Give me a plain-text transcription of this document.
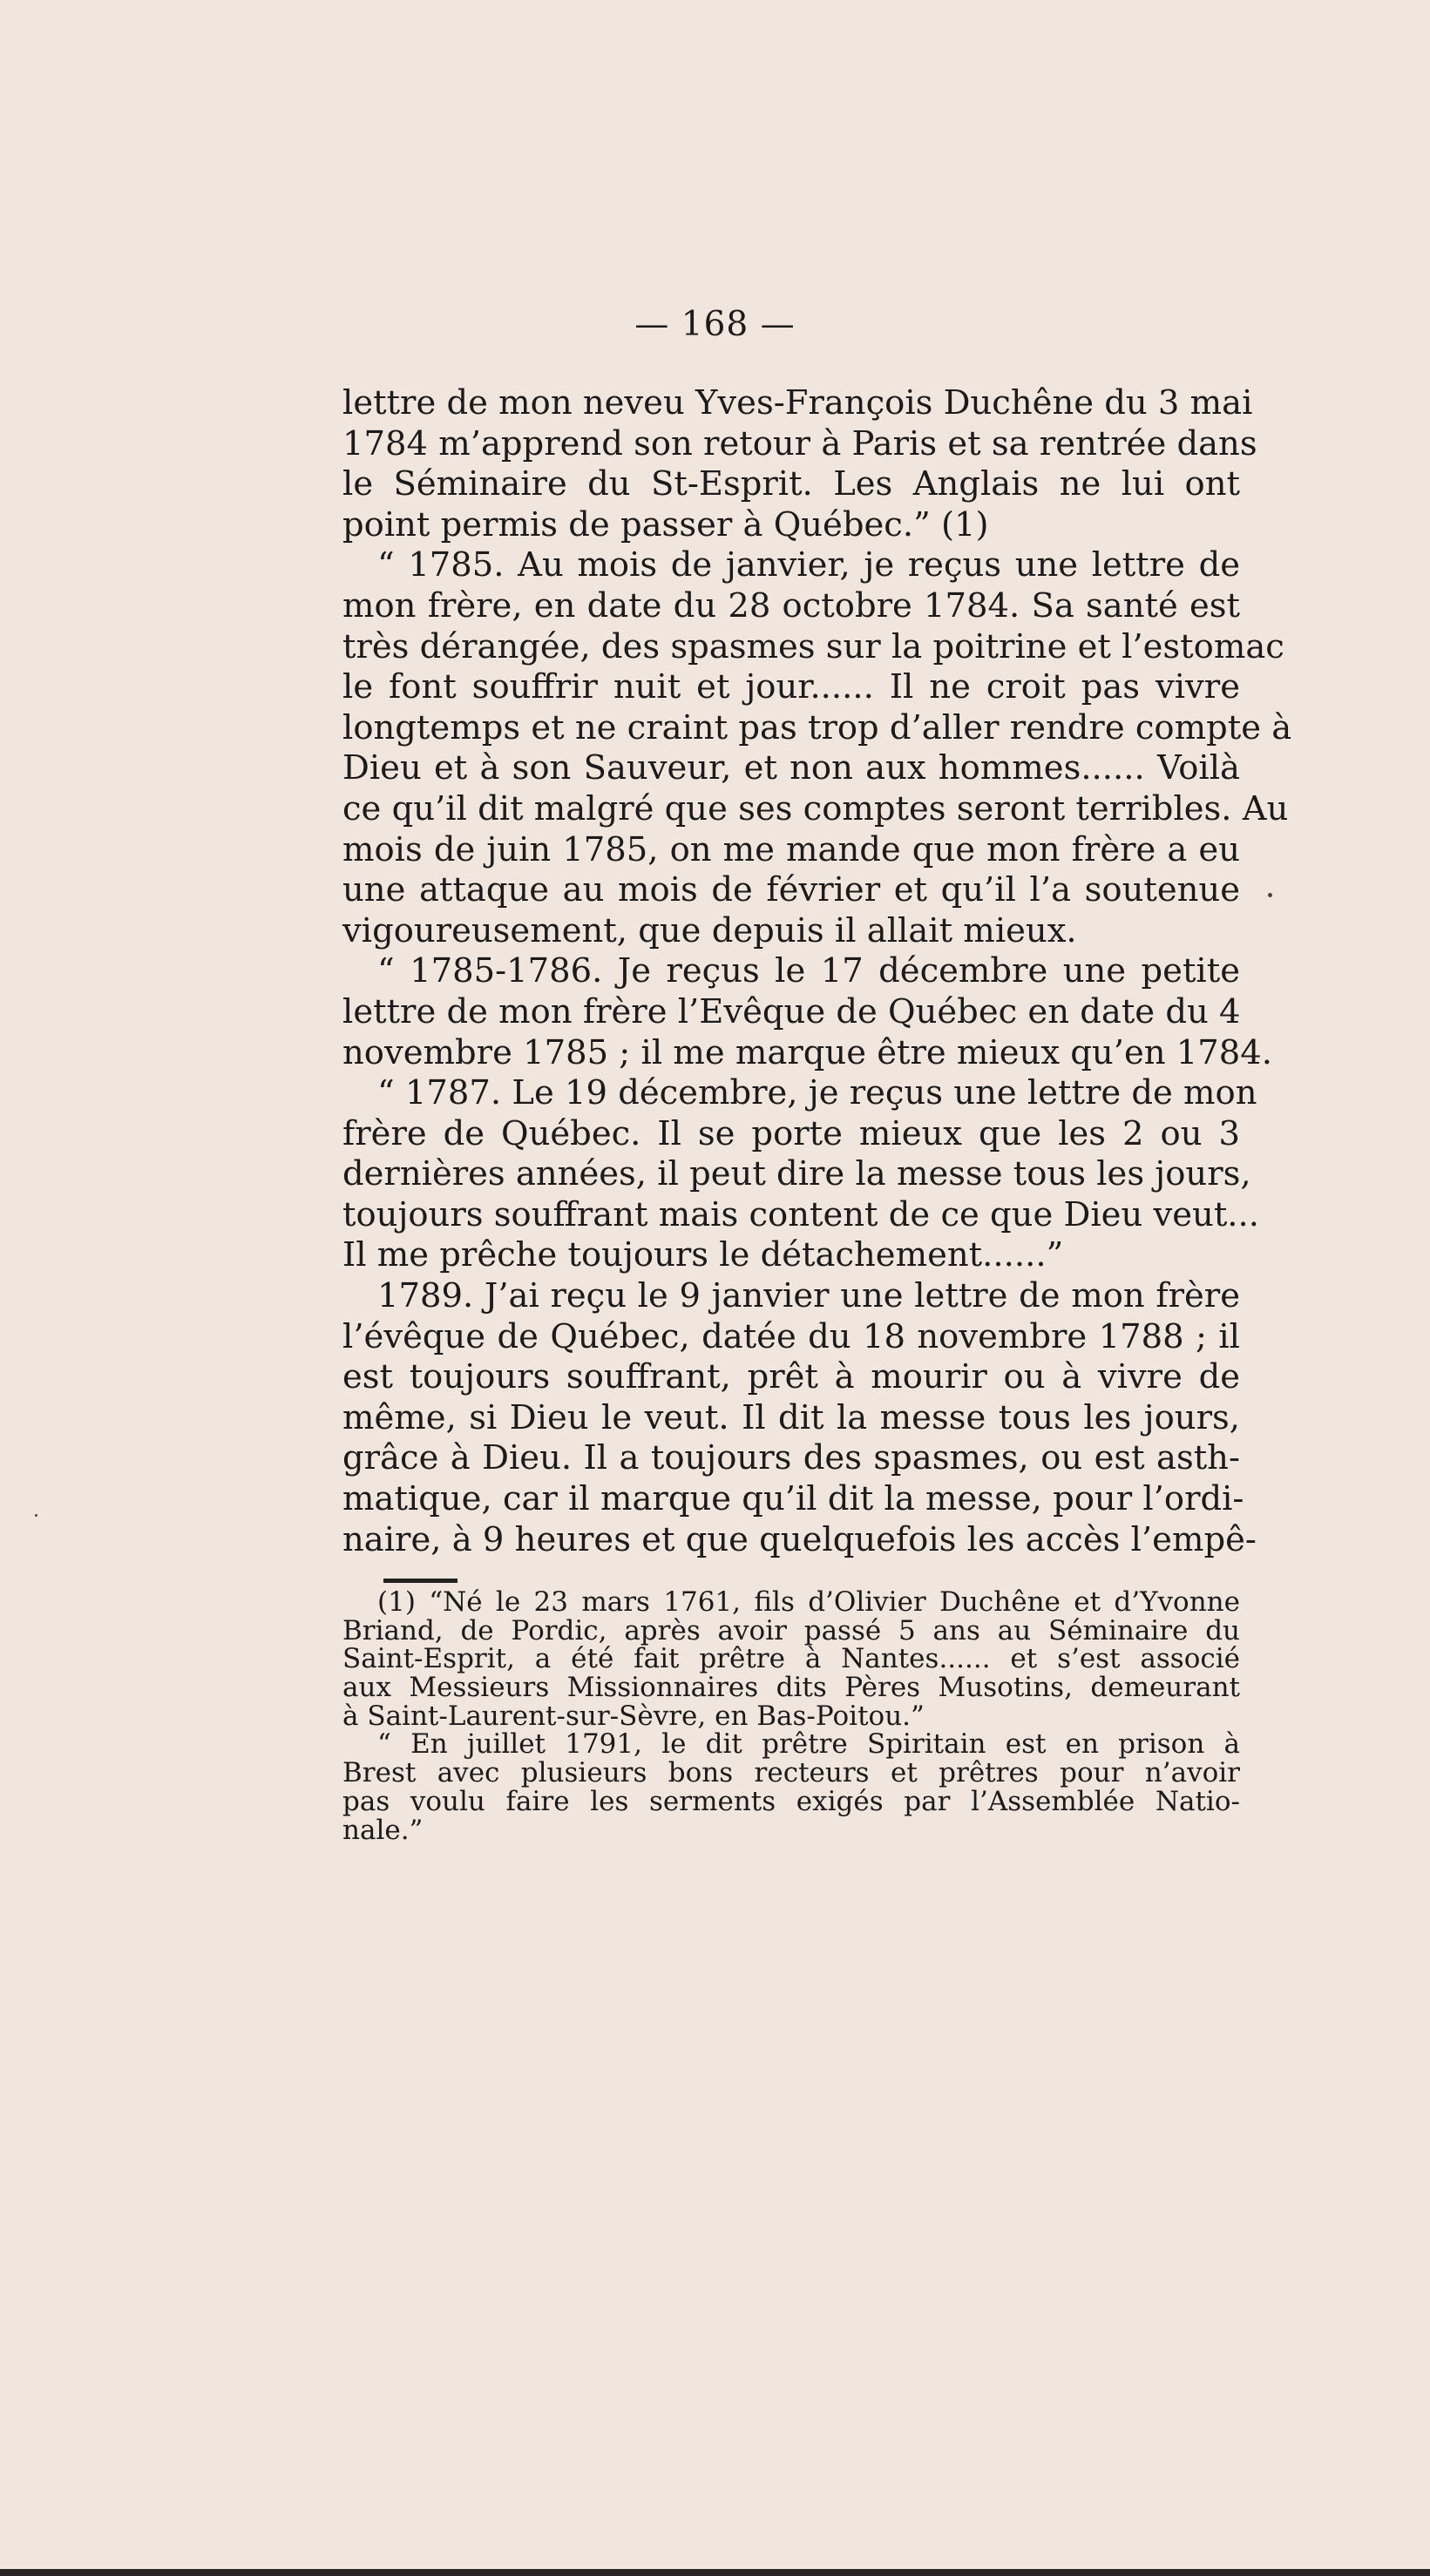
— 168 —
lettre de mon neveu Yves-François Duchêne du 3 mai
1784 m’apprend son retour à Paris et sa rentrée dans
le Séminaire du St-Esprit. Les Anglais ne lui ont
point permis de passer à Québec.” (1)
“ 1785. Au mois de janvier, je reçus une lettre de
mon frère, en date du 28 octobre 1784. Sa santé est
très dérangée, des spasmes sur la poitrine et l’estomac
le font souffrir nuit et jour...... Il ne croit pas vivre
longtemps et ne craint pas trop d’aller rendre compte à
Dieu et à son Sauveur, et non aux hommes...... Voilà
ce qu’il dit malgré que ses comptes seront terribles. Au
mois de juin 1785, on me mande que mon frère a eu
une attaque au mois de février et qu’il l’a soutenue
vigoureusement, que depuis il allait mieux.
“ 1785-1786. Je reçus le 17 décembre une petite
lettre de mon frère l’Evêque de Québec en date du 4
novembre 1785 ; il me marque être mieux qu’en 1784.
“ 1787. Le 19 décembre, je reçus une lettre de mon
frère de Québec. Il se porte mieux que les 2 ou 3
dernières années, il peut dire la messe tous les jours,
toujours souffrant mais content de ce que Dieu veut...
Il me prêche toujours le détachement......”
1789. J’ai reçu le 9 janvier une lettre de mon frère
l’évêque de Québec, datée du 18 novembre 1788 ; il
est toujours souffrant, prêt à mourir ou à vivre de
même, si Dieu le veut. Il dit la messe tous les jours,
grâce à Dieu. Il a toujours des spasmes, ou est asth-
matique, car il marque qu’il dit la messe, pour l’ordi-
naire, à 9 heures et que quelquefois les accès l’empê-
(1) “Né le 23 mars 1761, fils d’Olivier Duchêne et d’Yvonne
Briand, de Pordic, après avoir passé 5 ans au Séminaire du
Saint-Esprit, a été fait prêtre à Nantes...... et s’est associé
aux Messieurs Missionnaires dits Pères Musotins, demeurant
à Saint-Laurent-sur-Sèvre, en Bas-Poitou.”
“ En juillet 1791, le dit prêtre Spiritain est en prison à
Brest avec plusieurs bons recteurs et prêtres pour n’avoir
pas voulu faire les serments exigés par l’Assemblée Natio-
nale.”
